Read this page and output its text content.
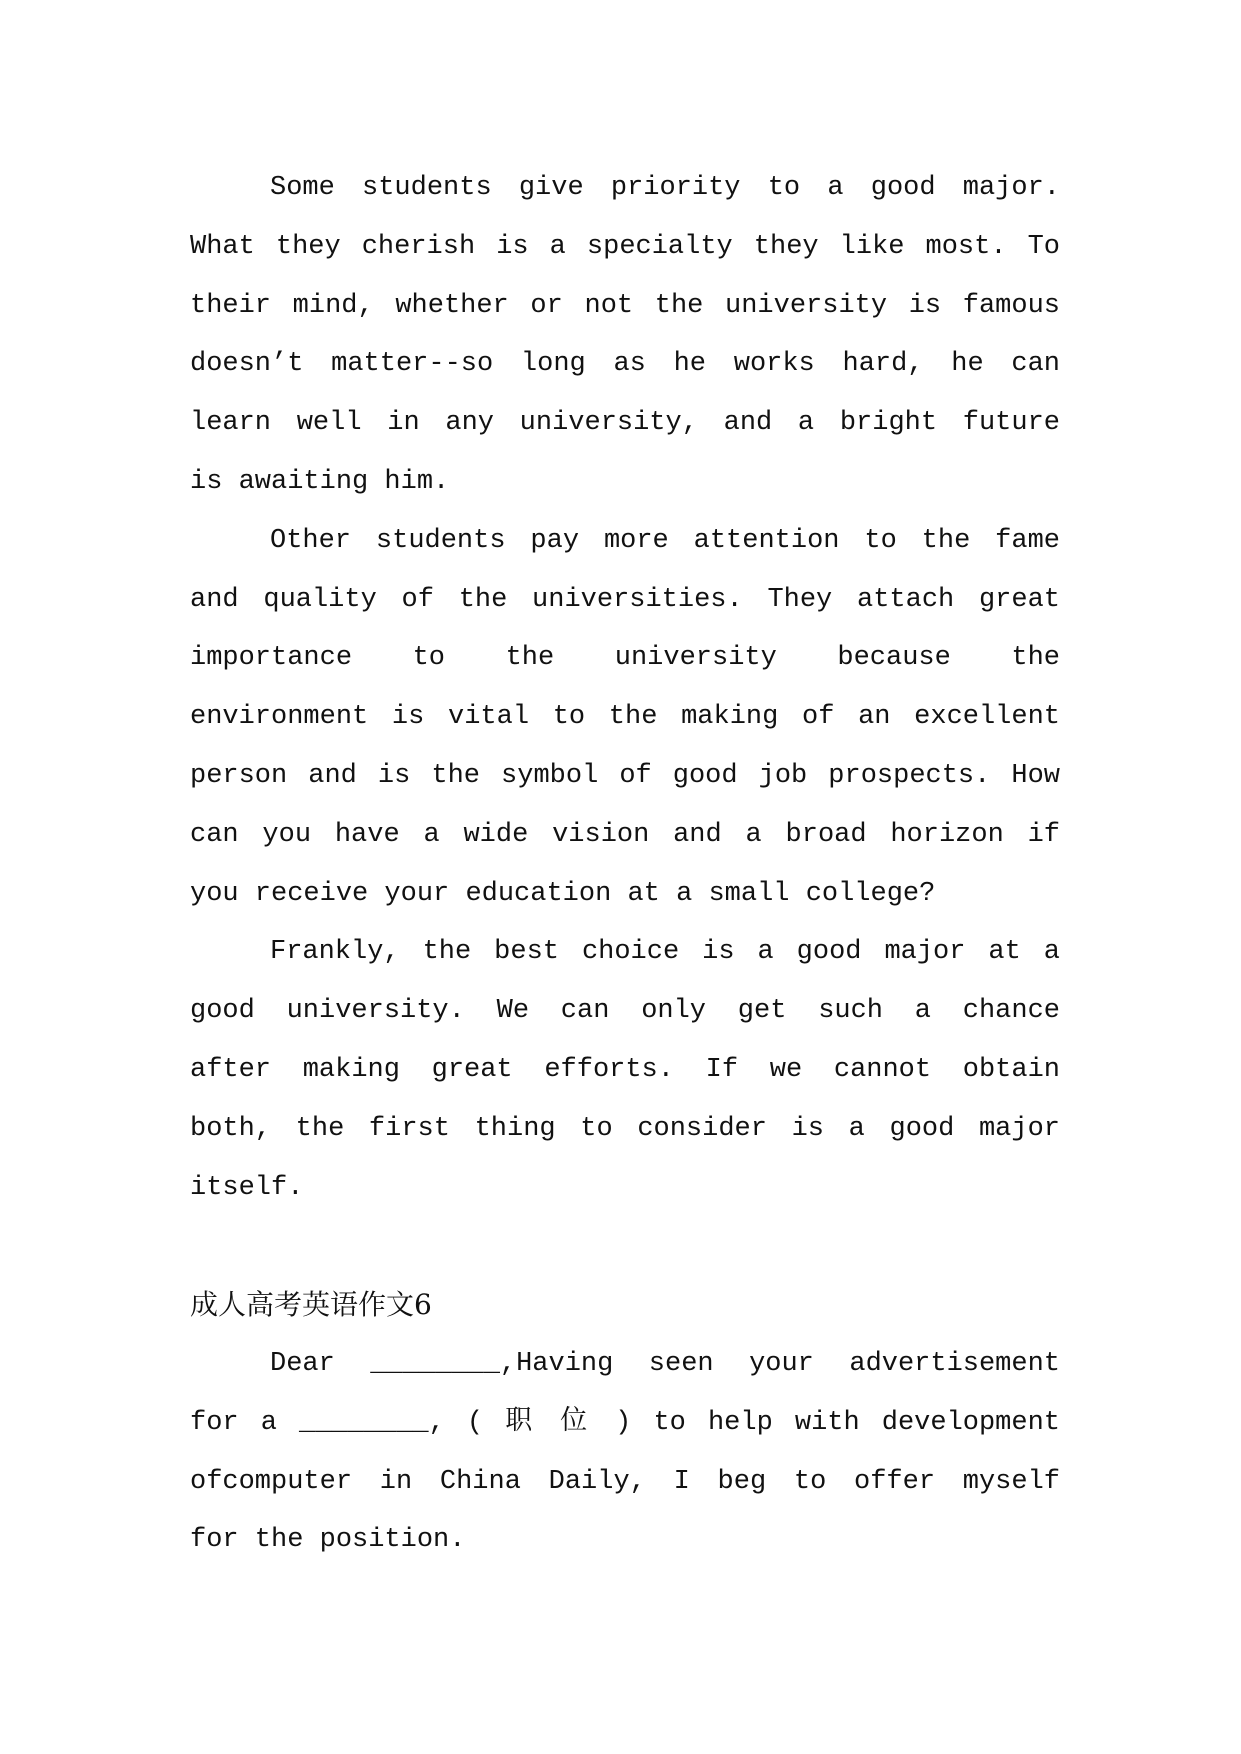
Some students give priority to a good major.
What they cherish is a specialty they like most. To
their mind, whether or not the university is famous
doesn’t matter--so long as he works hard, he can
learn well in any university, and a bright future
is awaiting him.
Other students pay more attention to the fame
and quality of the universities. They attach great
importance to the university because the
environment is vital to the making of an excellent
person and is the symbol of good job prospects. How
can you have a wide vision and a broad horizon if
you receive your education at a small college?
Frankly, the best choice is a good major at a
good university. We can only get such a chance
after making great efforts. If we cannot obtain
both, the first thing to consider is a good major
itself.
成人高考英语作文6
Dear ________,Having seen your advertisement
for a ________, ( 职 位 ) to help with development
ofcomputer in China Daily, I beg to offer myself
for the position.
